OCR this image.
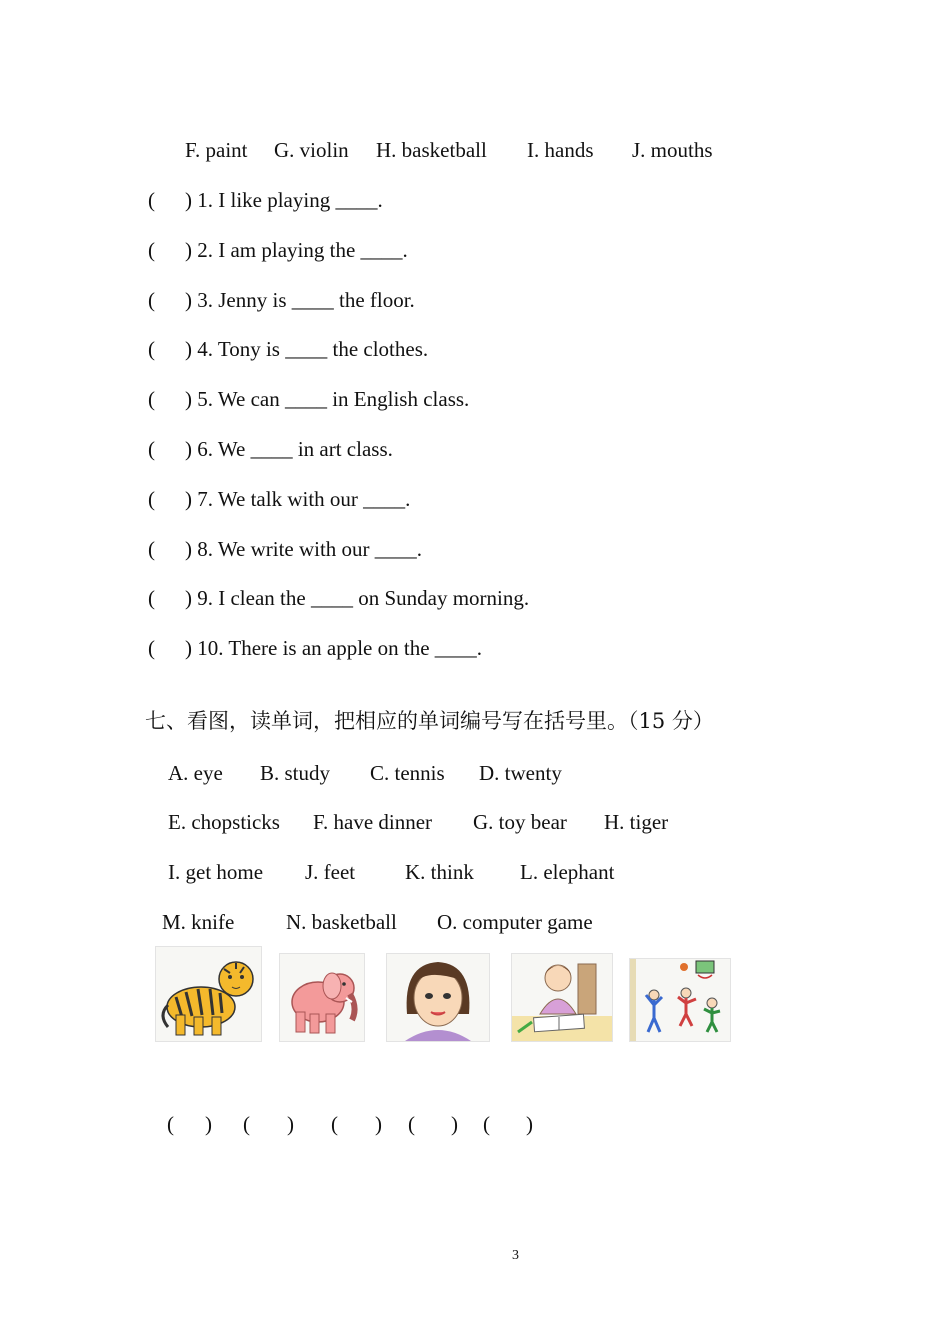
F. paint G. violin H. basketball I. hands J. mouths
( ) 1. I like playing ____.
( ) 2. I am playing the ____.
( ) 3. Jenny is ____ the floor.
( ) 4. Tony is ____ the clothes.
( ) 5. We can ____ in English class.
( ) 6. We ____ in art class.
( ) 7. We talk with our ____.
( ) 8. We write with our ____.
( ) 9. I clean the ____ on Sunday morning.
( ) 10. There is an apple on the ____.
七、看图，读单词，把相应的单词编号写在括号里。（15 分）
A. eye B. study C. tennis D. twenty
E. chopsticks F. have dinner G. toy bear H. tiger
I. get home J. feet K. think L. elephant
M. knife N. basketball O. computer game
( ) ( ) ( ) ( ) ( )
3
